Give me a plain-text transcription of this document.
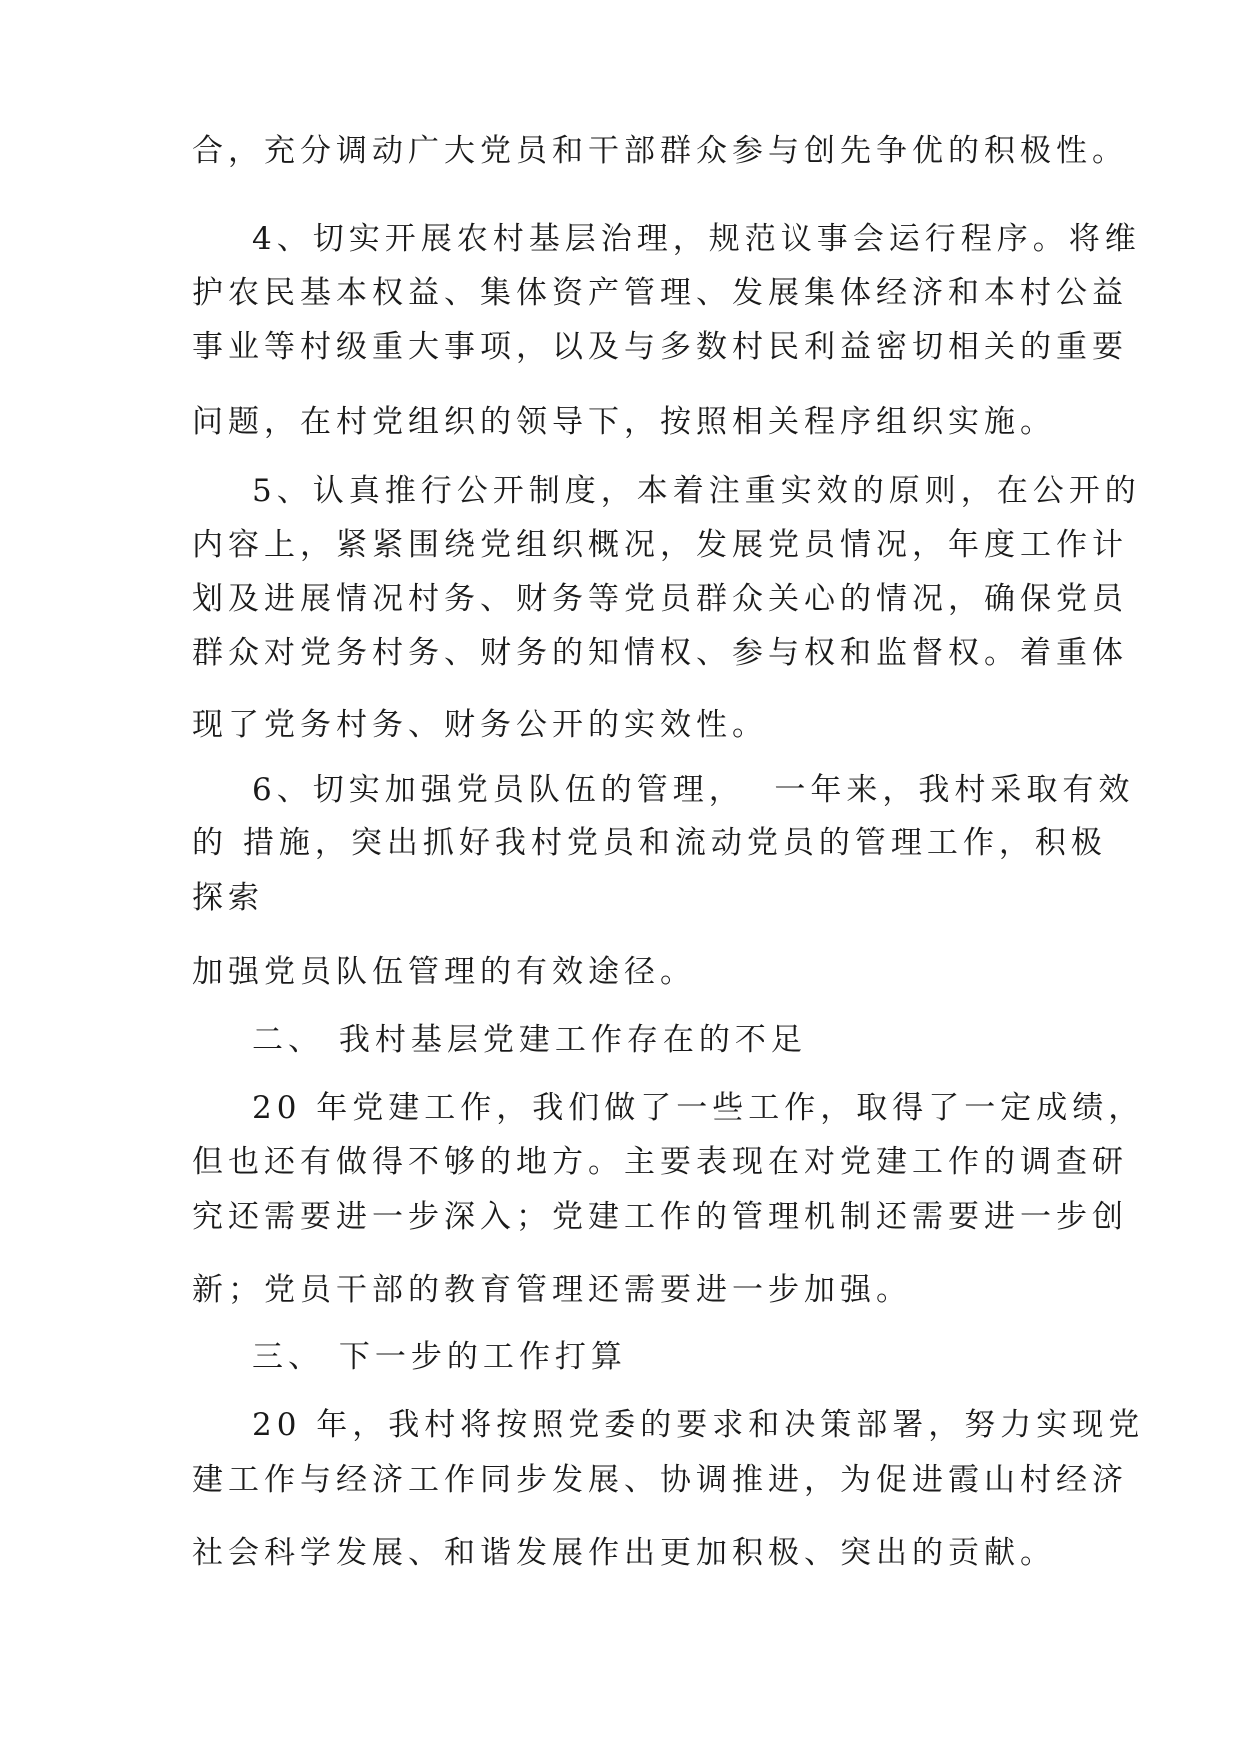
合，充分调动广大党员和干部群众参与创先争优的积极性。
4、切实开展农村基层治理，规范议事会运行程序。将维
护农民基本权益、集体资产管理、发展集体经济和本村公益
事业等村级重大事项，以及与多数村民利益密切相关的重要
问题，在村党组织的领导下，按照相关程序组织实施。
5、认真推行公开制度，本着注重实效的原则，在公开的
内容上，紧紧围绕党组织概况，发展党员情况，年度工作计
划及进展情况村务、财务等党员群众关心的情况，确保党员
群众对党务村务、财务的知情权、参与权和监督权。着重体
现了党务村务、财务公开的实效性。
6、切实加强党员队伍的管理，  一年来，我村采取有效
的 措施，突出抓好我村党员和流动党员的管理工作，积极
探索
加强党员队伍管理的有效途径。
二、 我村基层党建工作存在的不足
20 年党建工作，我们做了一些工作，取得了一定成绩，
但也还有做得不够的地方。主要表现在对党建工作的调查研
究还需要进一步深入；党建工作的管理机制还需要进一步创
新；党员干部的教育管理还需要进一步加强。
三、 下一步的工作打算
20 年，我村将按照党委的要求和决策部署，努力实现党
建工作与经济工作同步发展、协调推进，为促进霞山村经济
社会科学发展、和谐发展作出更加积极、突出的贡献。
